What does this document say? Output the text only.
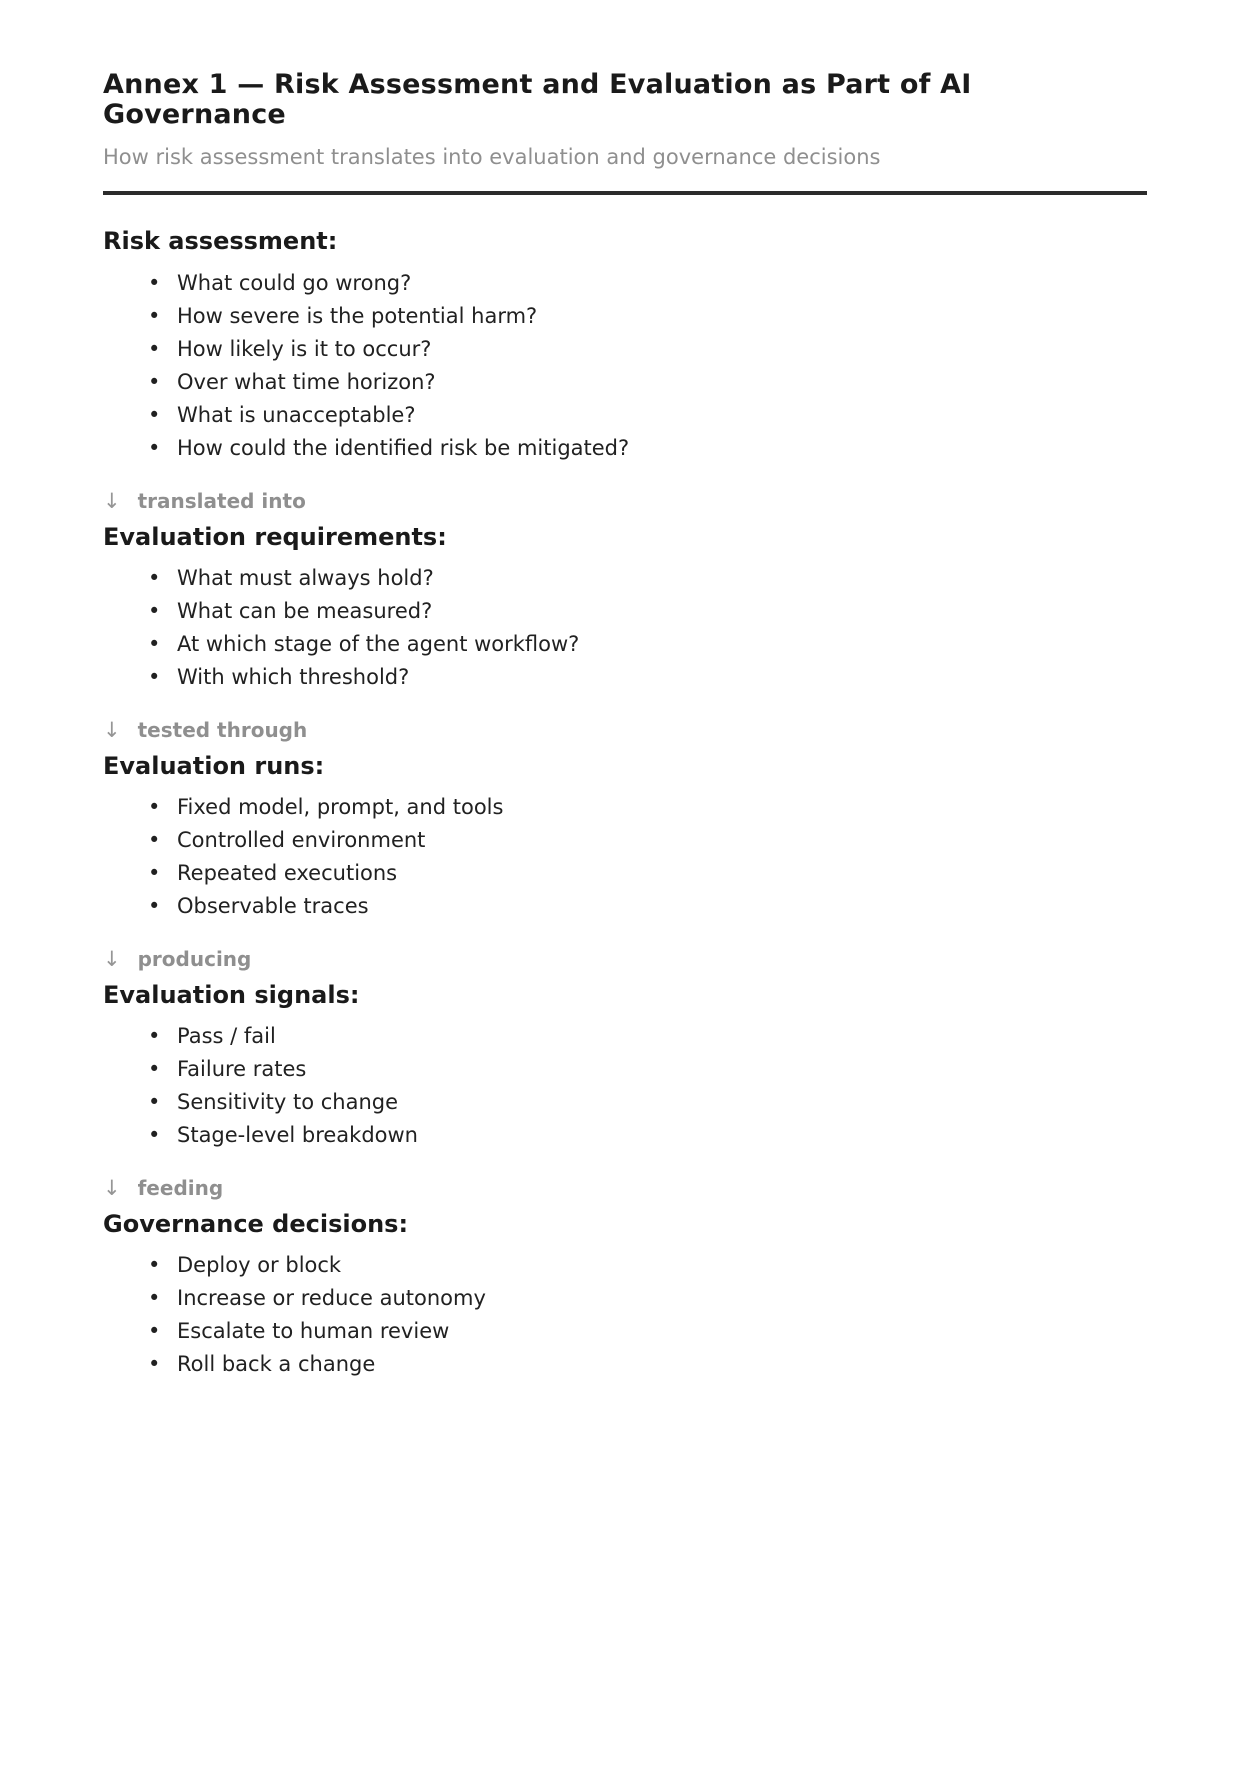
Annex 1 — Risk Assessment and Evaluation as Part of AI Governance
How risk assessment translates into evaluation and governance decisions
Risk assessment:
• What could go wrong?
• How severe is the potential harm?
• How likely is it to occur?
• Over what time horizon?
• What is unacceptable?
• How could the identified risk be mitigated?
↓ translated into
Evaluation requirements:
• What must always hold?
• What can be measured?
• At which stage of the agent workflow?
• With which threshold?
↓ tested through
Evaluation runs:
• Fixed model, prompt, and tools
• Controlled environment
• Repeated executions
• Observable traces
↓ producing
Evaluation signals:
• Pass / fail
• Failure rates
• Sensitivity to change
• Stage-level breakdown
↓ feeding
Governance decisions:
• Deploy or block
• Increase or reduce autonomy
• Escalate to human review
• Roll back a change
